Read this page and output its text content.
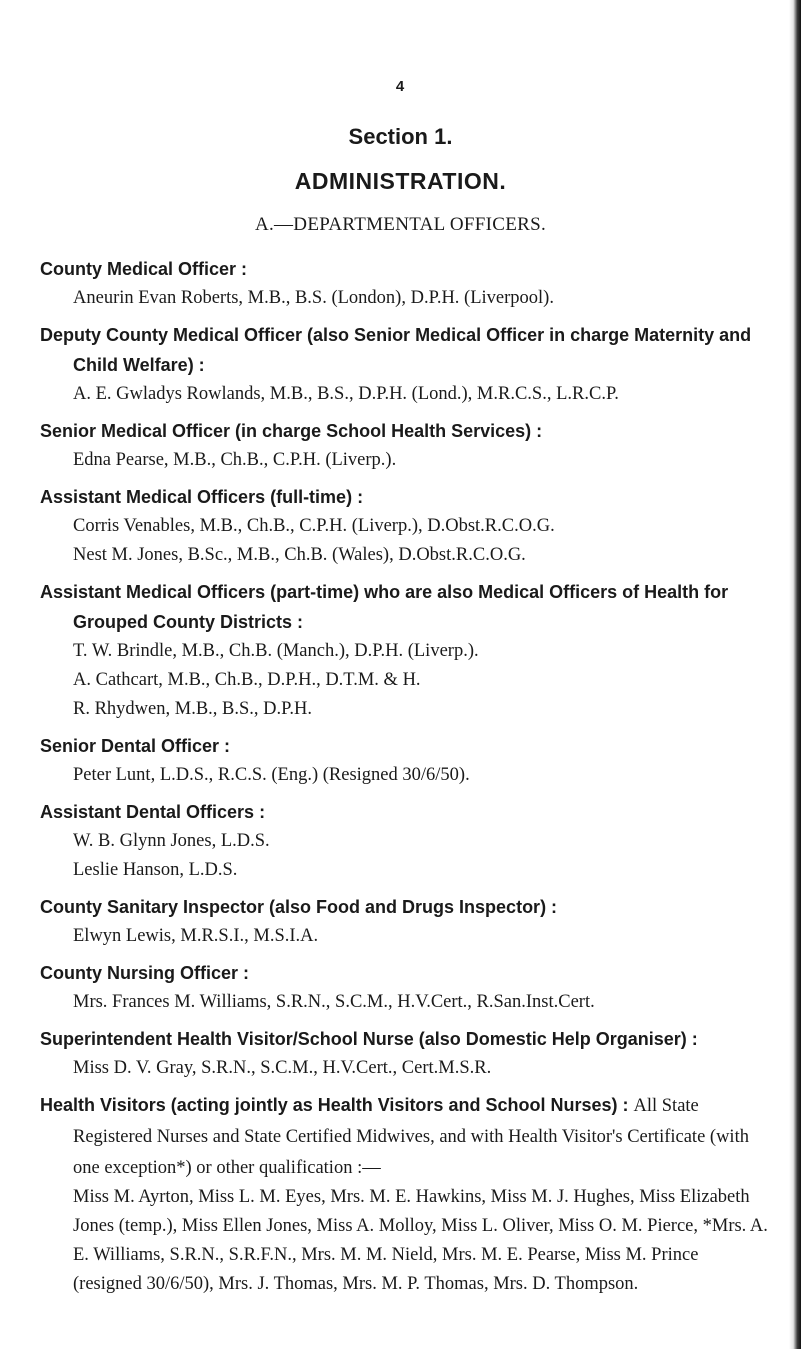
4
Section 1.
ADMINISTRATION.
A.—DEPARTMENTAL OFFICERS.
County Medical Officer :
Aneurin Evan Roberts, M.B., B.S. (London), D.P.H. (Liverpool).
Deputy County Medical Officer (also Senior Medical Officer in charge Maternity and Child Welfare) :
A. E. Gwladys Rowlands, M.B., B.S., D.P.H. (Lond.), M.R.C.S., L.R.C.P.
Senior Medical Officer (in charge School Health Services) :
Edna Pearse, M.B., Ch.B., C.P.H. (Liverp.).
Assistant Medical Officers (full-time) :
Corris Venables, M.B., Ch.B., C.P.H. (Liverp.), D.Obst.R.C.O.G.
Nest M. Jones, B.Sc., M.B., Ch.B. (Wales), D.Obst.R.C.O.G.
Assistant Medical Officers (part-time) who are also Medical Officers of Health for Grouped County Districts :
T. W. Brindle, M.B., Ch.B. (Manch.), D.P.H. (Liverp.).
A. Cathcart, M.B., Ch.B., D.P.H., D.T.M. & H.
R. Rhydwen, M.B., B.S., D.P.H.
Senior Dental Officer :
Peter Lunt, L.D.S., R.C.S. (Eng.) (Resigned 30/6/50).
Assistant Dental Officers :
W. B. Glynn Jones, L.D.S.
Leslie Hanson, L.D.S.
County Sanitary Inspector (also Food and Drugs Inspector) :
Elwyn Lewis, M.R.S.I., M.S.I.A.
County Nursing Officer :
Mrs. Frances M. Williams, S.R.N., S.C.M., H.V.Cert., R.San.Inst.Cert.
Superintendent Health Visitor/School Nurse (also Domestic Help Organiser) :
Miss D. V. Gray, S.R.N., S.C.M., H.V.Cert., Cert.M.S.R.
Health Visitors (acting jointly as Health Visitors and School Nurses) : All State Registered Nurses and State Certified Midwives, and with Health Visitor's Certificate (with one exception*) or other qualification :—
Miss M. Ayrton, Miss L. M. Eyes, Mrs. M. E. Hawkins, Miss M. J. Hughes, Miss Elizabeth Jones (temp.), Miss Ellen Jones, Miss A. Molloy, Miss L. Oliver, Miss O. M. Pierce, *Mrs. A. E. Williams, S.R.N., S.R.F.N., Mrs. M. M. Nield, Mrs. M. E. Pearse, Miss M. Prince (resigned 30/6/50), Mrs. J. Thomas, Mrs. M. P. Thomas, Mrs. D. Thompson.
